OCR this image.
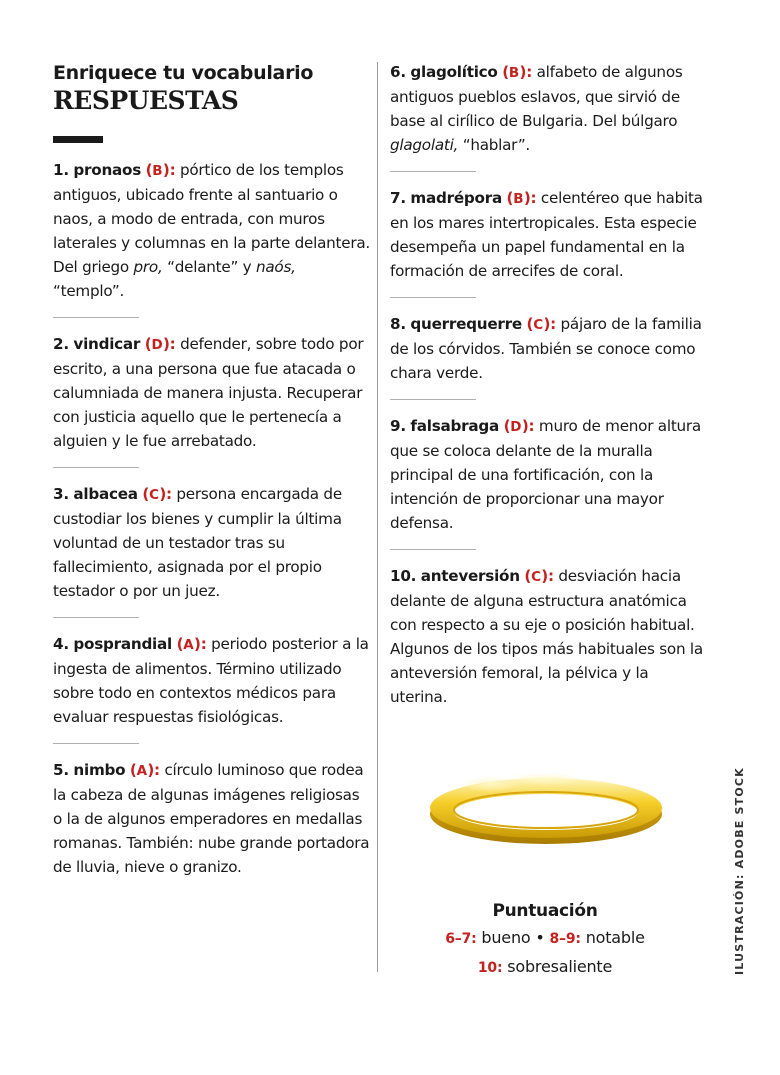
Enriquece tu vocabulario
RESPUESTAS

1. pronaos (B): pórtico de los templos antiguos, ubicado frente al santuario o naos, a modo de entrada, con muros laterales y columnas en la parte delantera. Del griego pro, “delante” y naós, “templo”.

2. vindicar (D): defender, sobre todo por escrito, a una persona que fue atacada o calumniada de manera injusta. Recuperar con justicia aquello que le pertenecía a alguien y le fue arrebatado.

3. albacea (C): persona encargada de custodiar los bienes y cumplir la última voluntad de un testador tras su fallecimiento, asignada por el propio testador o por un juez.

4. posprandial (A): periodo posterior a la ingesta de alimentos. Término utilizado sobre todo en contextos médicos para evaluar respuestas fisiológicas.

5. nimbo (A): círculo luminoso que rodea la cabeza de algunas imágenes religiosas o la de algunos emperadores en medallas romanas. También: nube grande portadora de lluvia, nieve o granizo.

6. glagolítico (B): alfabeto de algunos antiguos pueblos eslavos, que sirvió de base al cirílico de Bulgaria. Del búlgaro glagolati, “hablar”.

7. madrépora (B): celentéreo que habita en los mares intertropicales. Esta especie desempeña un papel fundamental en la formación de arrecifes de coral.

8. querrequerre (C): pájaro de la familia de los córvidos. También se conoce como chara verde.

9. falsabraga (D): muro de menor altura que se coloca delante de la muralla principal de una fortificación, con la intención de proporcionar una mayor defensa.

10. anteversión (C): desviación hacia delante de alguna estructura anatómica con respecto a su eje o posición habitual. Algunos de los tipos más habituales son la anteversión femoral, la pélvica y la uterina.

Puntuación

6–7: bueno • 8–9: notable

10: sobresaliente	ILUSTRACIÓN: ADOBE STOCK
